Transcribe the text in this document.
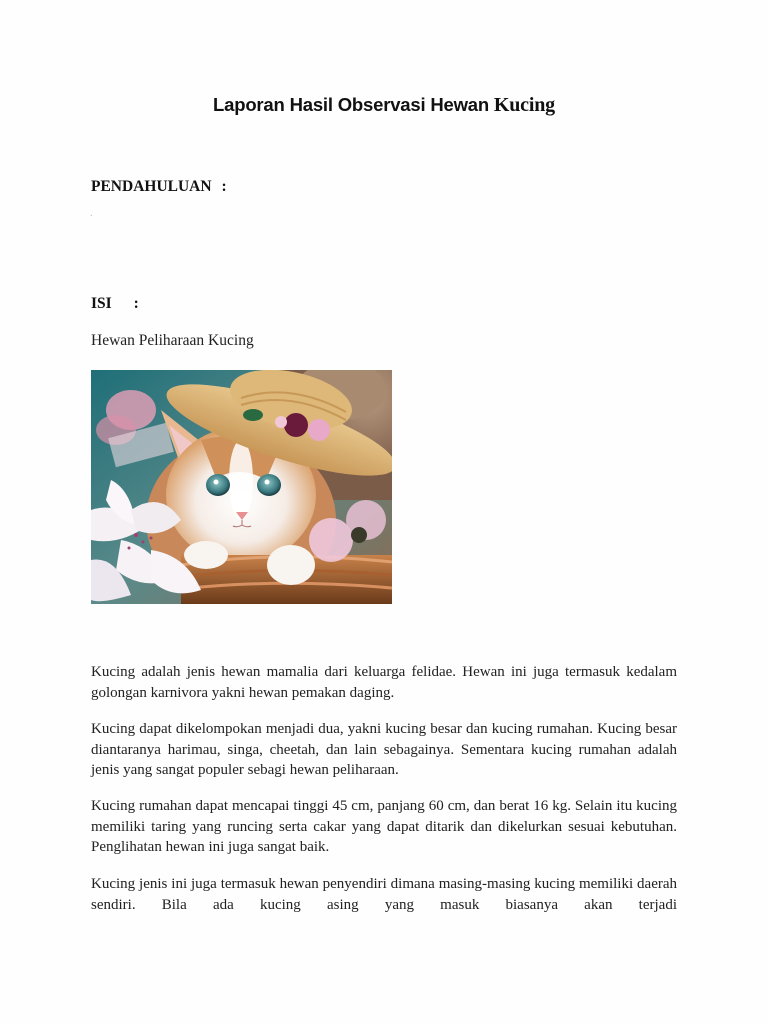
Laporan Hasil Observasi Hewan Kucing
PENDAHULUAN :
.
ISI :
Hewan Peliharaan Kucing

Kucing adalah jenis hewan mamalia dari keluarga felidae. Hewan ini juga termasuk kedalam golongan karnivora yakni hewan pemakan daging.

Kucing dapat dikelompokan menjadi dua, yakni kucing besar dan kucing rumahan. Kucing besar diantaranya harimau, singa, cheetah, dan lain sebagainya. Sementara kucing rumahan adalah jenis yang sangat populer sebagi hewan peliharaan.

Kucing rumahan dapat mencapai tinggi 45 cm, panjang 60 cm, dan berat 16 kg. Selain itu kucing memiliki taring yang runcing serta cakar yang dapat ditarik dan dikelurkan sesuai kebutuhan. Penglihatan hewan ini juga sangat baik.

Kucing jenis ini juga termasuk hewan penyendiri dimana masing-masing kucing memiliki daerah sendiri. Bila ada kucing asing yang masuk biasanya akan terjadi
